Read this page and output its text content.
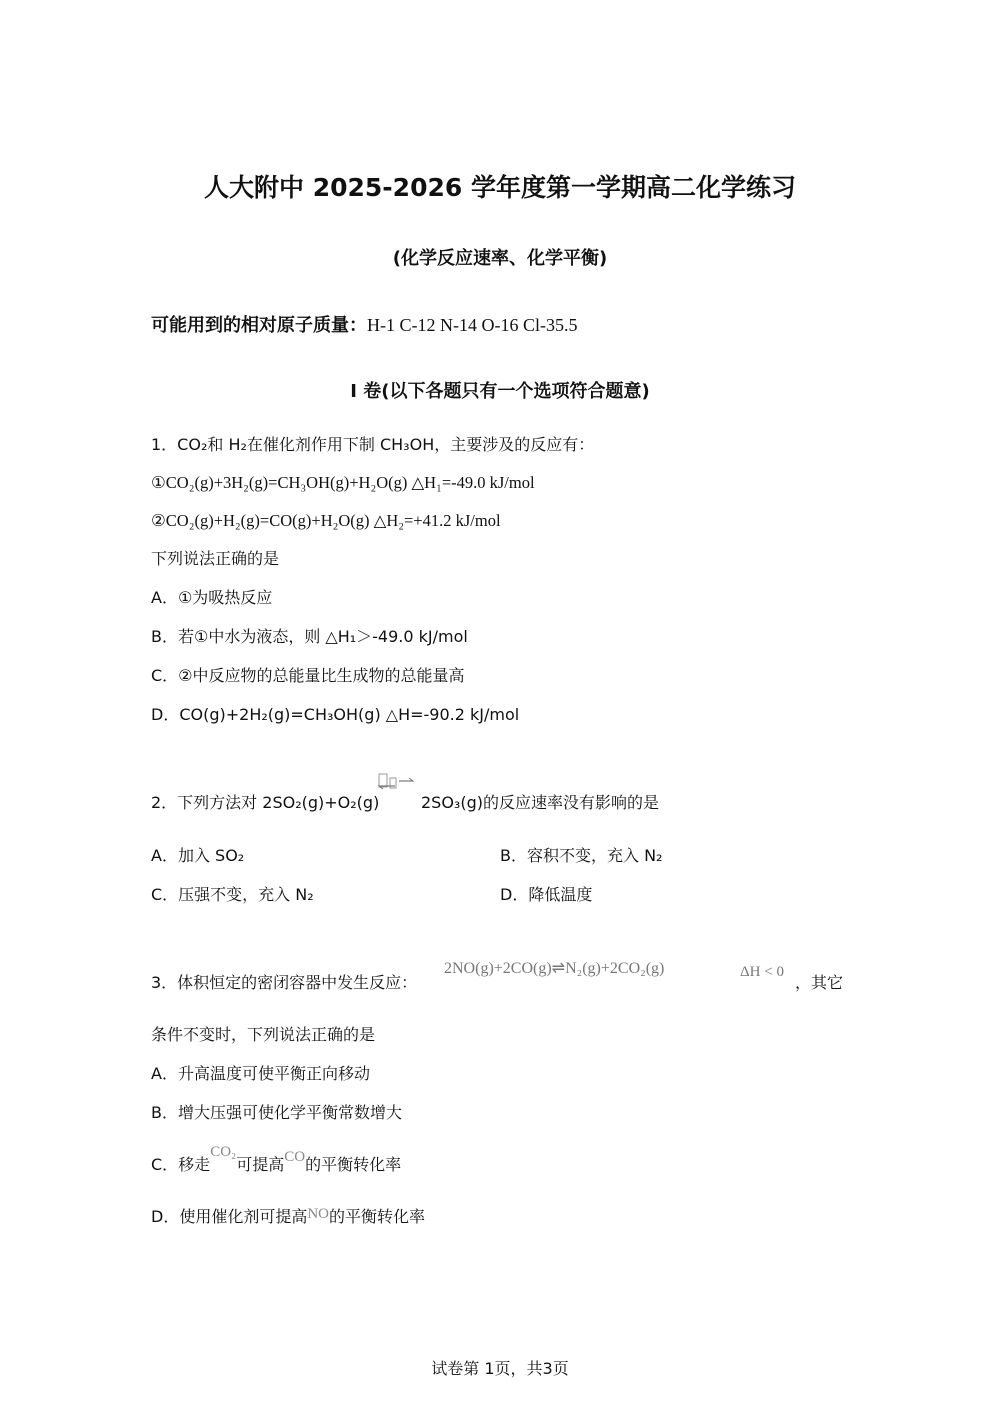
人大附中 2025-2026 学年度第一学期高二化学练习
(化学反应速率、化学平衡)
可能用到的相对原子质量：H-1 C-12 N-14 O-16 Cl-35.5
I 卷(以下各题只有一个选项符合题意)
1．CO₂和 H₂在催化剂作用下制 CH₃OH，主要涉及的反应有：
①CO₂(g)+3H₂(g)=CH₃OH(g)+H₂O(g) △H₁=-49.0 kJ/mol
②CO₂(g)+H₂(g)=CO(g)+H₂O(g) △H₂=+41.2 kJ/mol
下列说法正确的是
A．①为吸热反应
B．若①中水为液态，则 △H₁＞-49.0 kJ/mol
C．②中反应物的总能量比生成物的总能量高
D．CO(g)+2H₂(g)=CH₃OH(g) △H=-90.2 kJ/mol
2．下列方法对 2SO₂(g)+O₂(g)	2SO₃(g)的反应速率没有影响的是
A．加入 SO₂	B．容积不变，充入 N₂
C．压强不变，充入 N₂	D．降低温度
3．体积恒定的密闭容器中发生反应：
2NO(g)+2CO(g)⇌N₂(g)+2CO₂(g)	ΔH < 0
，其它
条件不变时，下列说法正确的是
A．升高温度可使平衡正向移动
B．增大压强可使化学平衡常数增大
C．移走CO₂可提高CO的平衡转化率
D．使用催化剂可提高NO的平衡转化率
试卷第 1页，共3页
